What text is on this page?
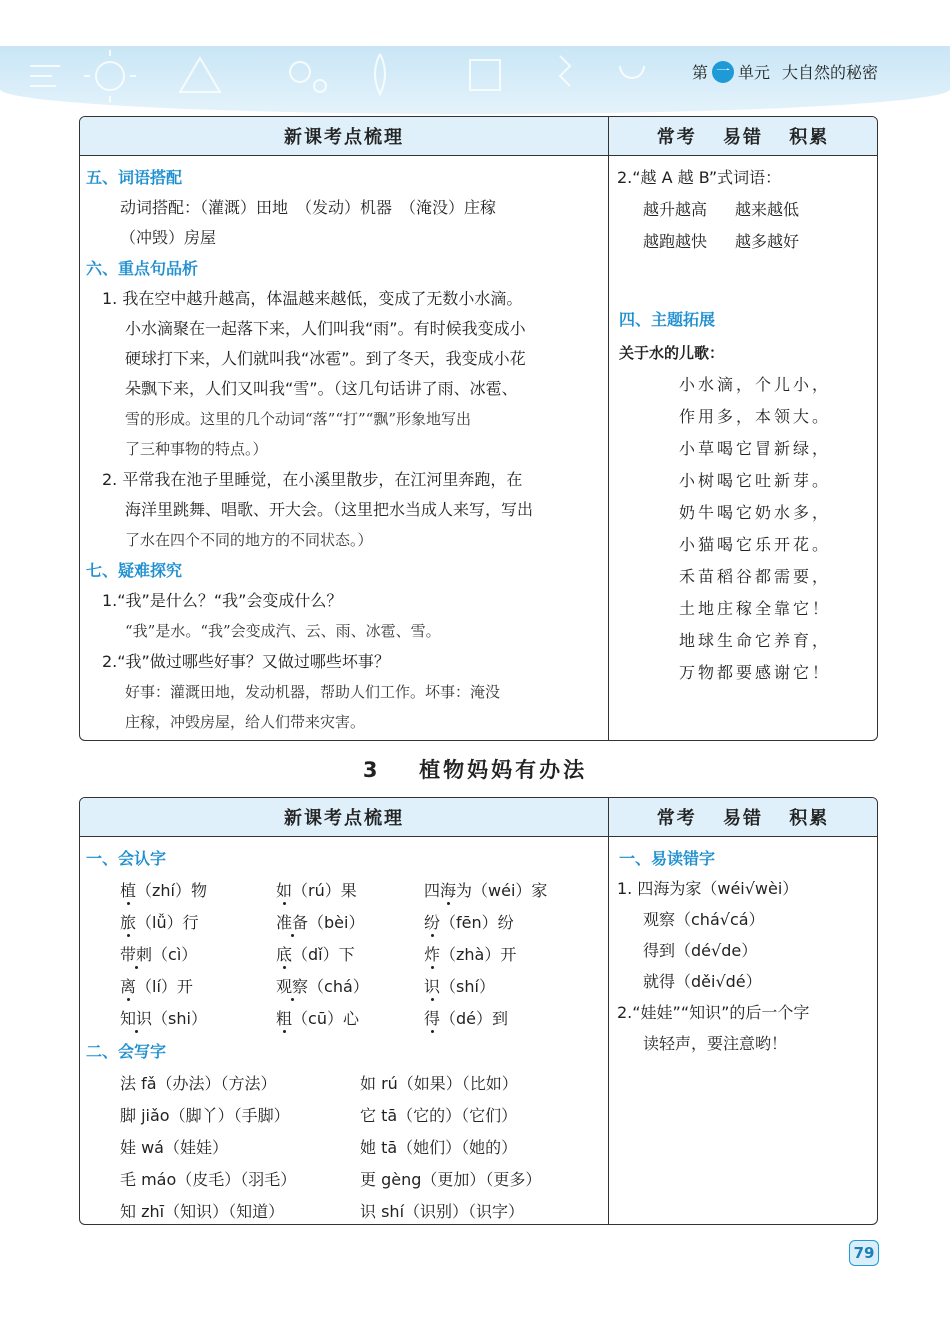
第 一 单元 大自然的秘密
新课考点梳理	常考 易错 积累
五、词语搭配
动词搭配：（灌溉）田地　（发动）机器　（淹没）庄稼
（冲毁）房屋
六、重点句品析
1. 我在空中越升越高，体温越来越低，变成了无数小水滴。
小水滴聚在一起落下来，人们叫我“雨”。有时候我变成小
硬球打下来，人们就叫我“冰雹”。到了冬天，我变成小花
朵飘下来，人们又叫我“雪”。（这几句话讲了雨、冰雹、
雪的形成。这里的几个动词“落”“打”“飘”形象地写出
了三种事物的特点。）
2. 平常我在池子里睡觉，在小溪里散步，在江河里奔跑，在
海洋里跳舞、唱歌、开大会。（这里把水当成人来写，写出
了水在四个不同的地方的不同状态。）
七、疑难探究
1.“我”是什么？“我”会变成什么？
“我”是水。“我”会变成汽、云、雨、冰雹、雪。
2.“我”做过哪些好事？又做过哪些坏事？
好事：灌溉田地，发动机器，帮助人们工作。坏事：淹没
庄稼，冲毁房屋，给人们带来灾害。
2.“越 A 越 B”式词语：
越升越高 越来越低
越跑越快 越多越好
四、主题拓展
关于水的儿歌：
小水滴，个儿小，
作用多，本领大。
小草喝它冒新绿，
小树喝它吐新芽。
奶牛喝它奶水多，
小猫喝它乐开花。
禾苗稻谷都需要，
土地庄稼全靠它！
地球生命它养育，
万物都要感谢它！
3 植物妈妈有办法
新课考点梳理	常考 易错 积累
一、会认字
植（zhí）物	如（rú）果	四海为（wéi）家
旅（lǚ）行	准备（bèi）	纷（fēn）纷
带刺（cì）	底（dǐ）下	炸（zhà）开
离（lí）开	观察（chá）	识（shí）
知识（shi）	粗（cū）心	得（dé）到
二、会写字
法 fǎ（办法）（方法）	如 rú（如果）（比如）
脚 jiǎo（脚丫）（手脚）	它 tā（它的）（它们）
娃 wá（娃娃）	她 tā（她们）（她的）
毛 máo（皮毛）（羽毛）	更 gèng（更加）（更多）
知 zhī（知识）（知道）	识 shí（识别）（识字）
一、易读错字
1. 四海为家（wéi√wèi）
观察（chá√cá）
得到（dé√de）
就得（děi√dé）
2.“娃娃”“知识”的后一个字
读轻声，要注意哟！
79
